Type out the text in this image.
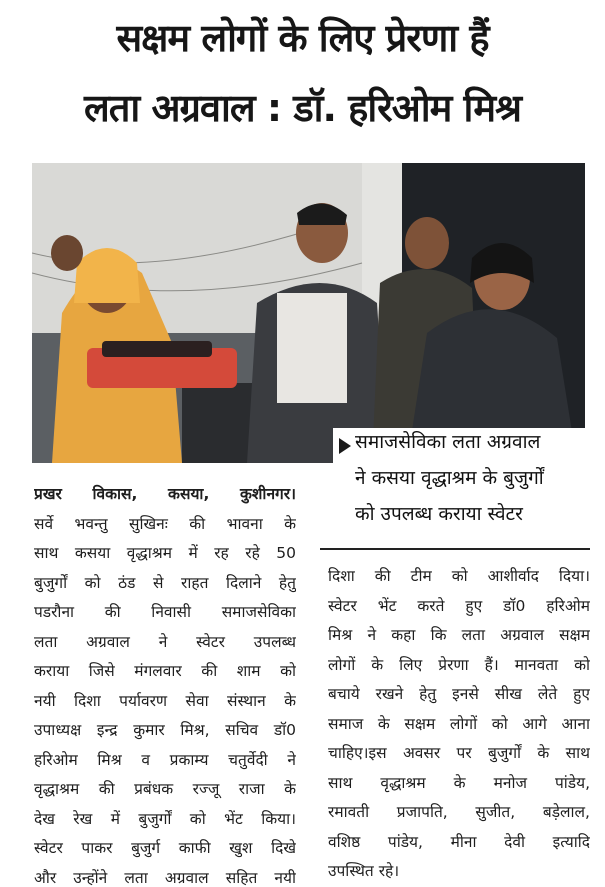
सक्षम लोगों के लिए प्रेरणा हैं
लता अग्रवाल : डॉ. हरिओम मिश्र
समाजसेविका लता अग्रवाल
ने कसया वृद्धाश्रम के बुजुर्गों
को उपलब्ध कराया स्वेटर
प्रखर विकास, कसया, कुशीनगर।
सर्वे भवन्तु सुखिनः की भावना के
साथ कसया वृद्धाश्रम में रह रहे 50
बुजुर्गों को ठंड से राहत दिलाने हेतु
पडरौना की निवासी समाजसेविका
लता अग्रवाल ने स्वेटर उपलब्ध
कराया जिसे मंगलवार की शाम को
नयी दिशा पर्यावरण सेवा संस्थान के
उपाध्यक्ष इन्द्र कुमार मिश्र, सचिव डॉ0
हरिओम मिश्र व प्रकाम्य चतुर्वेदी ने
वृद्धाश्रम की प्रबंधक रज्जू राजा के
देख रेख में बुजुर्गों को भेंट किया।
स्वेटर पाकर बुजुर्ग काफी खुश दिखे
और उन्होंने लता अग्रवाल सहित नयी
दिशा की टीम को आशीर्वाद दिया।
स्वेटर भेंट करते हुए डॉ0 हरिओम
मिश्र ने कहा कि लता अग्रवाल सक्षम
लोगों के लिए प्रेरणा हैं। मानवता को
बचाये रखने हेतु इनसे सीख लेते हुए
समाज के सक्षम लोगों को आगे आना
चाहिए।इस अवसर पर बुजुर्गों के साथ
साथ वृद्धाश्रम के मनोज पांडेय,
रमावती प्रजापति, सुजीत, बड़ेलाल,
वशिष्ठ पांडेय, मीना देवी इत्यादि
उपस्थित रहे।
